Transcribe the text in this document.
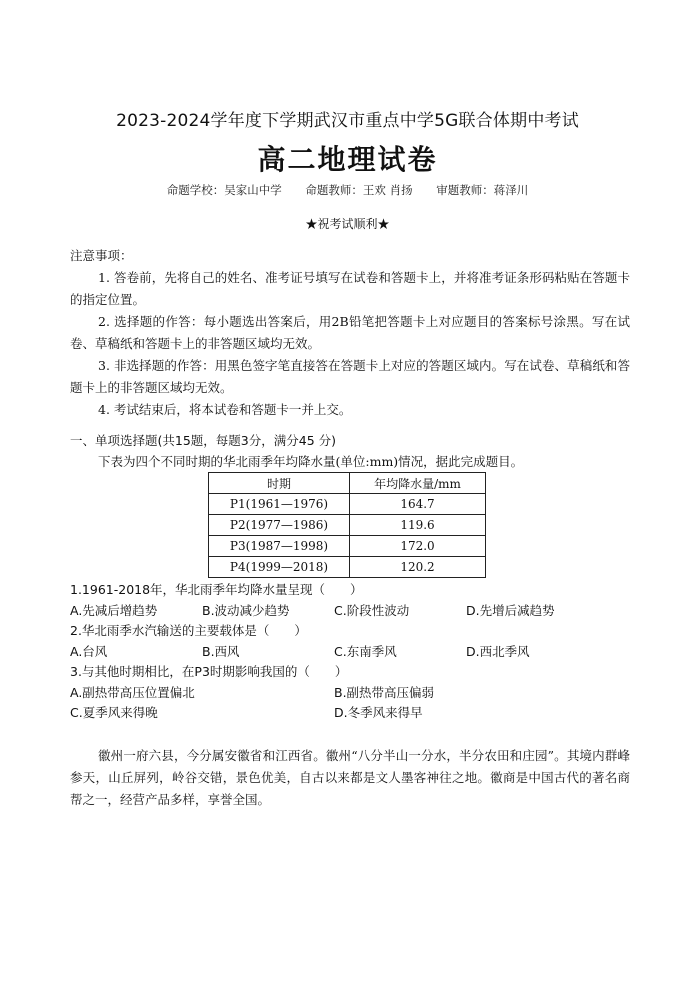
2023-2024学年度下学期武汉市重点中学5G联合体期中考试
高二地理试卷
命题学校：吴家山中学 命题教师：王欢 肖扬 审题教师：蒋泽川
★祝考试顺利★
注意事项：

1. 答卷前，先将自己的姓名、准考证号填写在试卷和答题卡上，并将准考证条形码粘贴在答题卡的指定位置。

2. 选择题的作答：每小题选出答案后，用2B铅笔把答题卡上对应题目的答案标号涂黑。写在试卷、草稿纸和答题卡上的非答题区域均无效。

3. 非选择题的作答：用黑色签字笔直接答在答题卡上对应的答题区域内。写在试卷、草稿纸和答题卡上的非答题区域均无效。

4. 考试结束后，将本试卷和答题卡一并上交。

一、单项选择题(共15题，每题3分，满分45 分)
下表为四个不同时期的华北雨季年均降水量(单位:mm)情况，据此完成题目。
时期	年均降水量/mm
P1(1961—1976)	164.7
P2(1977—1986)	119.6
P3(1987—1998)	172.0
P4(1999—2018)	120.2
1.1961-2018年，华北雨季年均降水量呈现（　　）
A.先减后增趋势	B.波动减少趋势	C.阶段性波动	D.先增后减趋势
2.华北雨季水汽输送的主要载体是（　　）
A.台风	B.西风	C.东南季风	D.西北季风
3.与其他时期相比，在P3时期影响我国的（　　）
A.副热带高压位置偏北	B.副热带高压偏弱
C.夏季风来得晚	D.冬季风来得早

徽州一府六县，今分属安徽省和江西省。徽州“八分半山一分水，半分农田和庄园”。其境内群峰参天，山丘屏列，岭谷交错，景色优美，自古以来都是文人墨客神往之地。徽商是中国古代的著名商帮之一，经营产品多样，享誉全国。
